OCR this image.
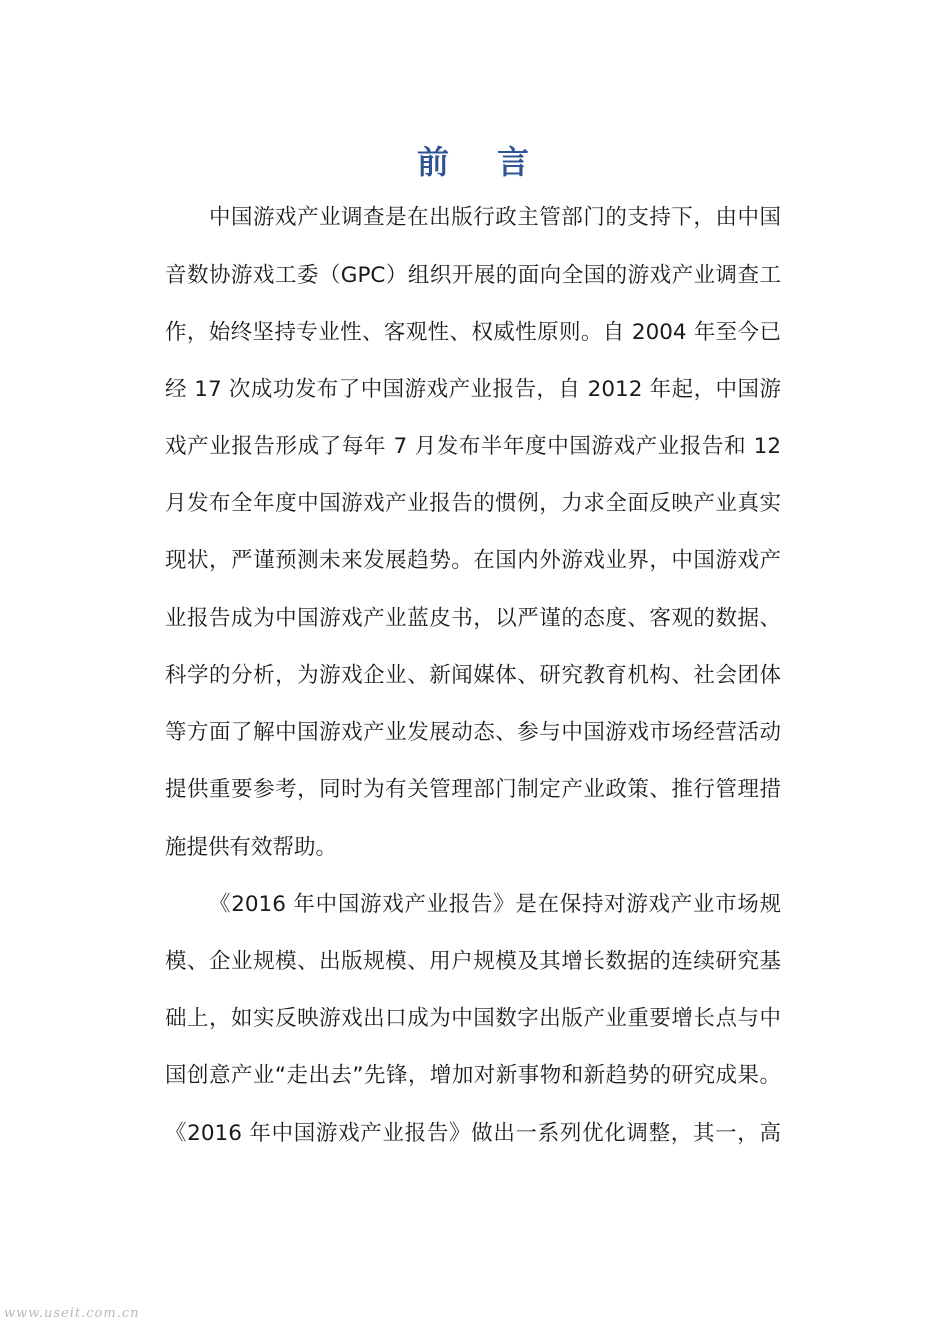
前 言
中国游戏产业调查是在出版行政主管部门的支持下，由中国
音数协游戏工委（GPC）组织开展的面向全国的游戏产业调查工
作，始终坚持专业性、客观性、权威性原则。自 2004 年至今已
经 17 次成功发布了中国游戏产业报告，自 2012 年起，中国游
戏产业报告形成了每年 7 月发布半年度中国游戏产业报告和 12
月发布全年度中国游戏产业报告的惯例，力求全面反映产业真实
现状，严谨预测未来发展趋势。在国内外游戏业界，中国游戏产
业报告成为中国游戏产业蓝皮书，以严谨的态度、客观的数据、
科学的分析，为游戏企业、新闻媒体、研究教育机构、社会团体
等方面了解中国游戏产业发展动态、参与中国游戏市场经营活动
提供重要参考，同时为有关管理部门制定产业政策、推行管理措
施提供有效帮助。
《2016 年中国游戏产业报告》是在保持对游戏产业市场规
模、企业规模、出版规模、用户规模及其增长数据的连续研究基
础上，如实反映游戏出口成为中国数字出版产业重要增长点与中
国创意产业“走出去”先锋，增加对新事物和新趋势的研究成果。
《2016 年中国游戏产业报告》做出一系列优化调整，其一，高
www.useit.com.cn
